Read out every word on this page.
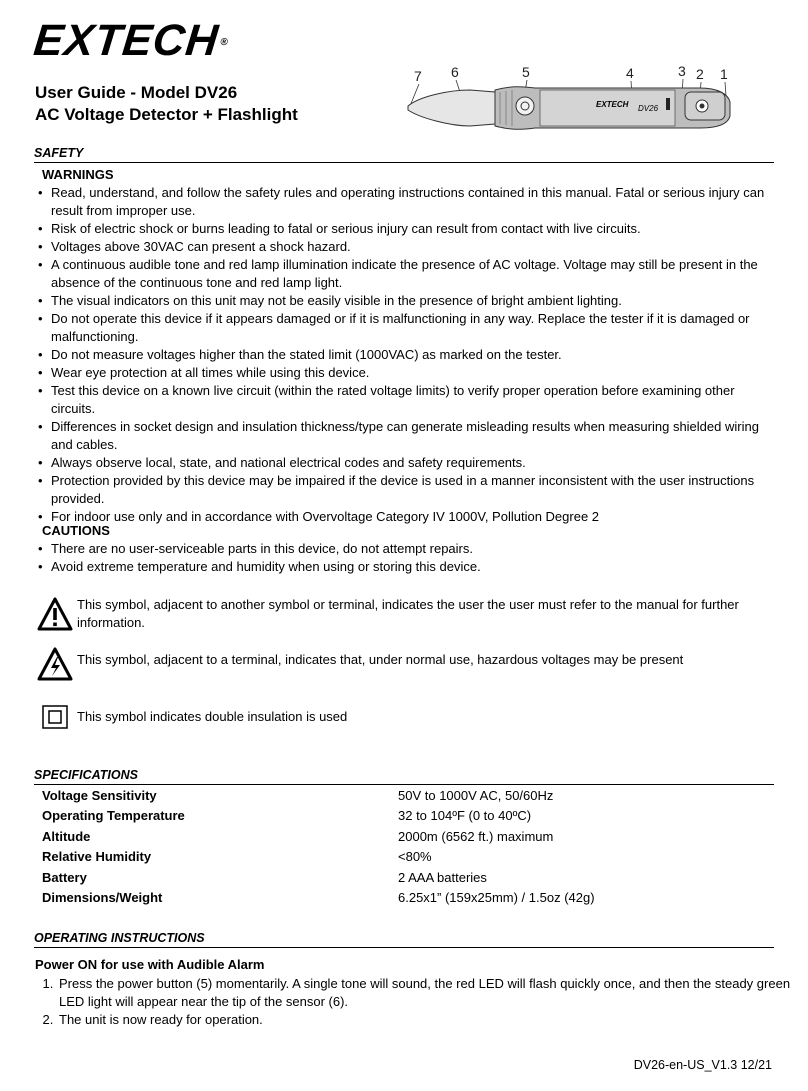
EXTECH®
User Guide - Model DV26
AC Voltage Detector + Flashlight
7 6	5	4	3 2 1
EXTECH DV26
SAFETY
WARNINGS
• Read, understand, and follow the safety rules and operating instructions contained in this manual. Fatal or serious injury can result from improper use.
• Risk of electric shock or burns leading to fatal or serious injury can result from contact with live circuits.
• Voltages above 30VAC can present a shock hazard.
• A continuous audible tone and red lamp illumination indicate the presence of AC voltage. Voltage may still be present in the absence of the continuous tone and red lamp light.
• The visual indicators on this unit may not be easily visible in the presence of bright ambient lighting.
• Do not operate this device if it appears damaged or if it is malfunctioning in any way. Replace the tester if it is damaged or malfunctioning.
• Do not measure voltages higher than the stated limit (1000VAC) as marked on the tester.
• Wear eye protection at all times while using this device.
• Test this device on a known live circuit (within the rated voltage limits) to verify proper operation before examining other circuits.
• Differences in socket design and insulation thickness/type can generate misleading results when measuring shielded wiring and cables.
• Always observe local, state, and national electrical codes and safety requirements.
• Protection provided by this device may be impaired if the device is used in a manner inconsistent with the user instructions provided.
• For indoor use only and in accordance with Overvoltage Category IV 1000V, Pollution Degree 2
CAUTIONS
• There are no user-serviceable parts in this device, do not attempt repairs.
• Avoid extreme temperature and humidity when using or storing this device.
This symbol, adjacent to another symbol or terminal, indicates the user the user must refer to the manual for further information.
This symbol, adjacent to a terminal, indicates that, under normal use, hazardous voltages may be present
This symbol indicates double insulation is used
SPECIFICATIONS
Voltage Sensitivity	50V to 1000V AC, 50/60Hz
Operating Temperature	32 to 104ºF (0 to 40ºC)
Altitude	2000m (6562 ft.) maximum
Relative Humidity	<80%
Battery	2 AAA batteries
Dimensions/Weight	6.25x1” (159x25mm) / 1.5oz (42g)
OPERATING INSTRUCTIONS
Power ON for use with Audible Alarm
1. Press the power button (5) momentarily. A single tone will sound, the red LED will flash quickly once, and then the steady green LED light will appear near the tip of the sensor (6).
2. The unit is now ready for operation.
DV26-en-US_V1.3 12/21
